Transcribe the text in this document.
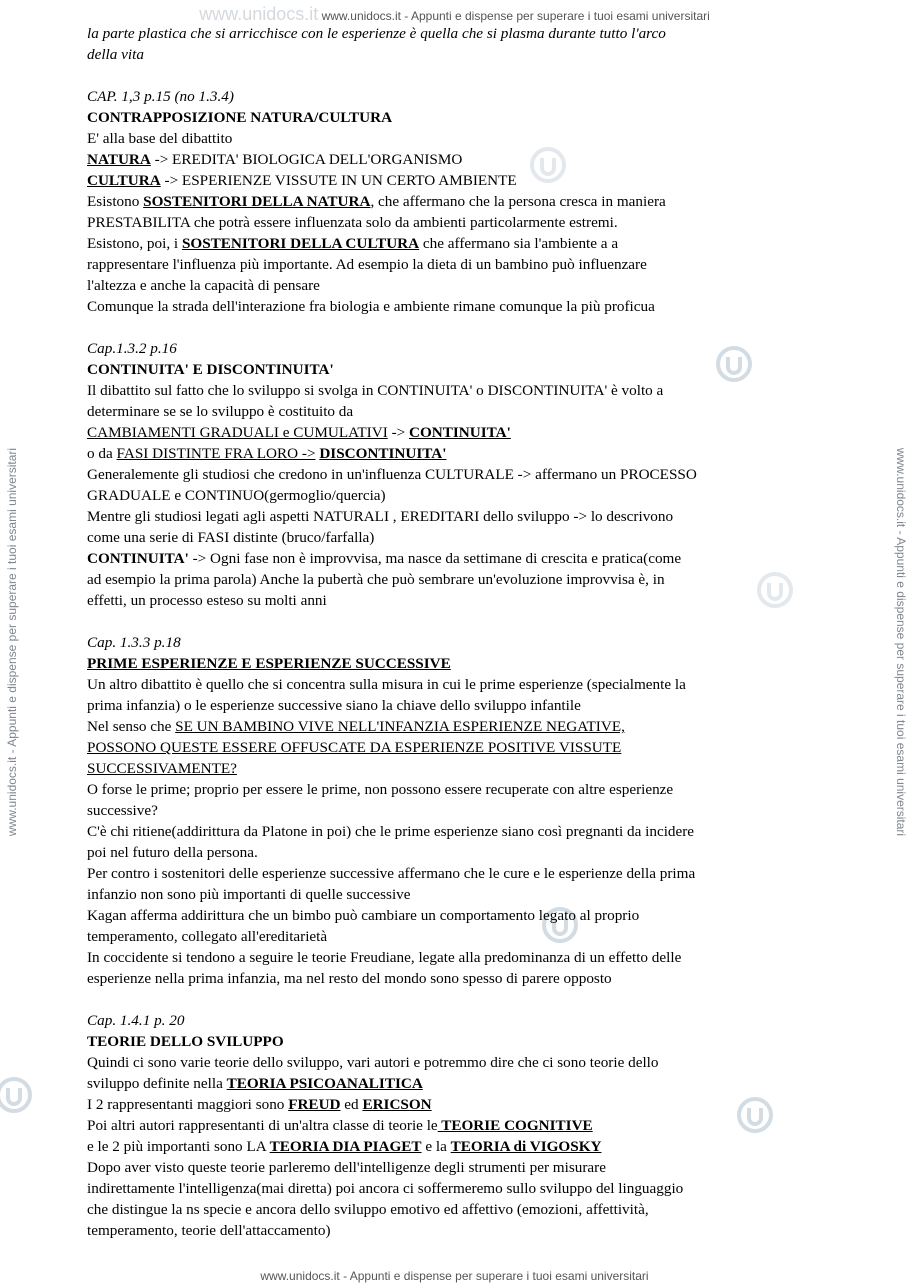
www.unidocs.it www.unidocs.it - Appunti e dispense per superare i tuoi esami universitari
www.unidocs.it - Appunti e dispense per superare i tuoi esami universitari
www.unidocs.it - Appunti e dispense per superare i tuoi esami universitari	www.unidocs.it - Appunti e dispense per superare i tuoi esami universitari

la parte plastica che si arricchisce con le esperienze è quella che si plasma durante tutto l'arco

della vita

CAP. 1,3 p.15 (no 1.3.4)

CONTRAPPOSIZIONE NATURA/CULTURA

E' alla base del dibattito

NATURA -> EREDITA' BIOLOGICA DELL'ORGANISMO

CULTURA -> ESPERIENZE VISSUTE IN UN CERTO AMBIENTE

Esistono SOSTENITORI DELLA NATURA, che affermano che la persona cresca in maniera

PRESTABILITA che potrà essere influenzata solo da ambienti particolarmente estremi.

Esistono, poi, i SOSTENITORI DELLA CULTURA che affermano sia l'ambiente a a

rappresentare l'influenza più importante. Ad esempio la dieta di un bambino può influenzare

l'altezza e anche la capacità di pensare

Comunque la strada dell'interazione fra biologia e ambiente rimane comunque la più proficua

Cap.1.3.2 p.16

CONTINUITA' E DISCONTINUITA'

Il dibattito sul fatto che lo sviluppo si svolga in CONTINUITA' o DISCONTINUITA' è volto a

determinare se se lo sviluppo è costituito da

CAMBIAMENTI GRADUALI e CUMULATIVI -> CONTINUITA'

o da FASI DISTINTE FRA LORO -> DISCONTINUITA'

Generalemente gli studiosi che credono in un'influenza CULTURALE -> affermano un PROCESSO

GRADUALE e CONTINUO(germoglio/quercia)

Mentre gli studiosi legati agli aspetti NATURALI , EREDITARI dello sviluppo -> lo descrivono

come una serie di FASI distinte (bruco/farfalla)

CONTINUITA' -> Ogni fase non è improvvisa, ma nasce da settimane di crescita e pratica(come

ad esempio la prima parola) Anche la pubertà che può sembrare un'evoluzione improvvisa è, in

effetti, un processo esteso su molti anni

Cap. 1.3.3 p.18

PRIME ESPERIENZE E ESPERIENZE SUCCESSIVE

Un altro dibattito è quello che si concentra sulla misura in cui le prime esperienze (specialmente la

prima infanzia) o le esperienze successive siano la chiave dello sviluppo infantile

Nel senso che SE UN BAMBINO VIVE NELL'INFANZIA ESPERIENZE NEGATIVE,

POSSONO QUESTE ESSERE OFFUSCATE DA ESPERIENZE POSITIVE VISSUTE

SUCCESSIVAMENTE?

O forse le prime; proprio per essere le prime, non possono essere recuperate con altre esperienze

successive?

C'è chi ritiene(addirittura da Platone in poi) che le prime esperienze siano così pregnanti da incidere

poi nel futuro della persona.

Per contro i sostenitori delle esperienze successive affermano che le cure e le esperienze della prima

infanzio non sono più importanti di quelle successive

Kagan afferma addirittura che un bimbo può cambiare un comportamento legato al proprio

temperamento, collegato all'ereditarietà

In coccidente si tendono a seguire le teorie Freudiane, legate alla predominanza di un effetto delle

esperienze nella prima infanzia, ma nel resto del mondo sono spesso di parere opposto

Cap. 1.4.1 p. 20

TEORIE DELLO SVILUPPO

Quindi ci sono varie teorie dello sviluppo, vari autori e potremmo dire che ci sono teorie dello

sviluppo definite nella TEORIA PSICOANALITICA

I 2 rappresentanti maggiori sono FREUD ed ERICSON

Poi altri autori rappresentanti di un'altra classe di teorie le TEORIE COGNITIVE

e le 2 più importanti sono LA TEORIA DIA PIAGET e la TEORIA di VIGOSKY

Dopo aver visto queste teorie parleremo dell'intelligenze degli strumenti per misurare

indirettamente l'intelligenza(mai diretta) poi ancora ci soffermeremo sullo sviluppo del linguaggio

che distingue la ns specie e ancora dello sviluppo emotivo ed affettivo (emozioni, affettività,

temperamento, teorie dell'attaccamento)
